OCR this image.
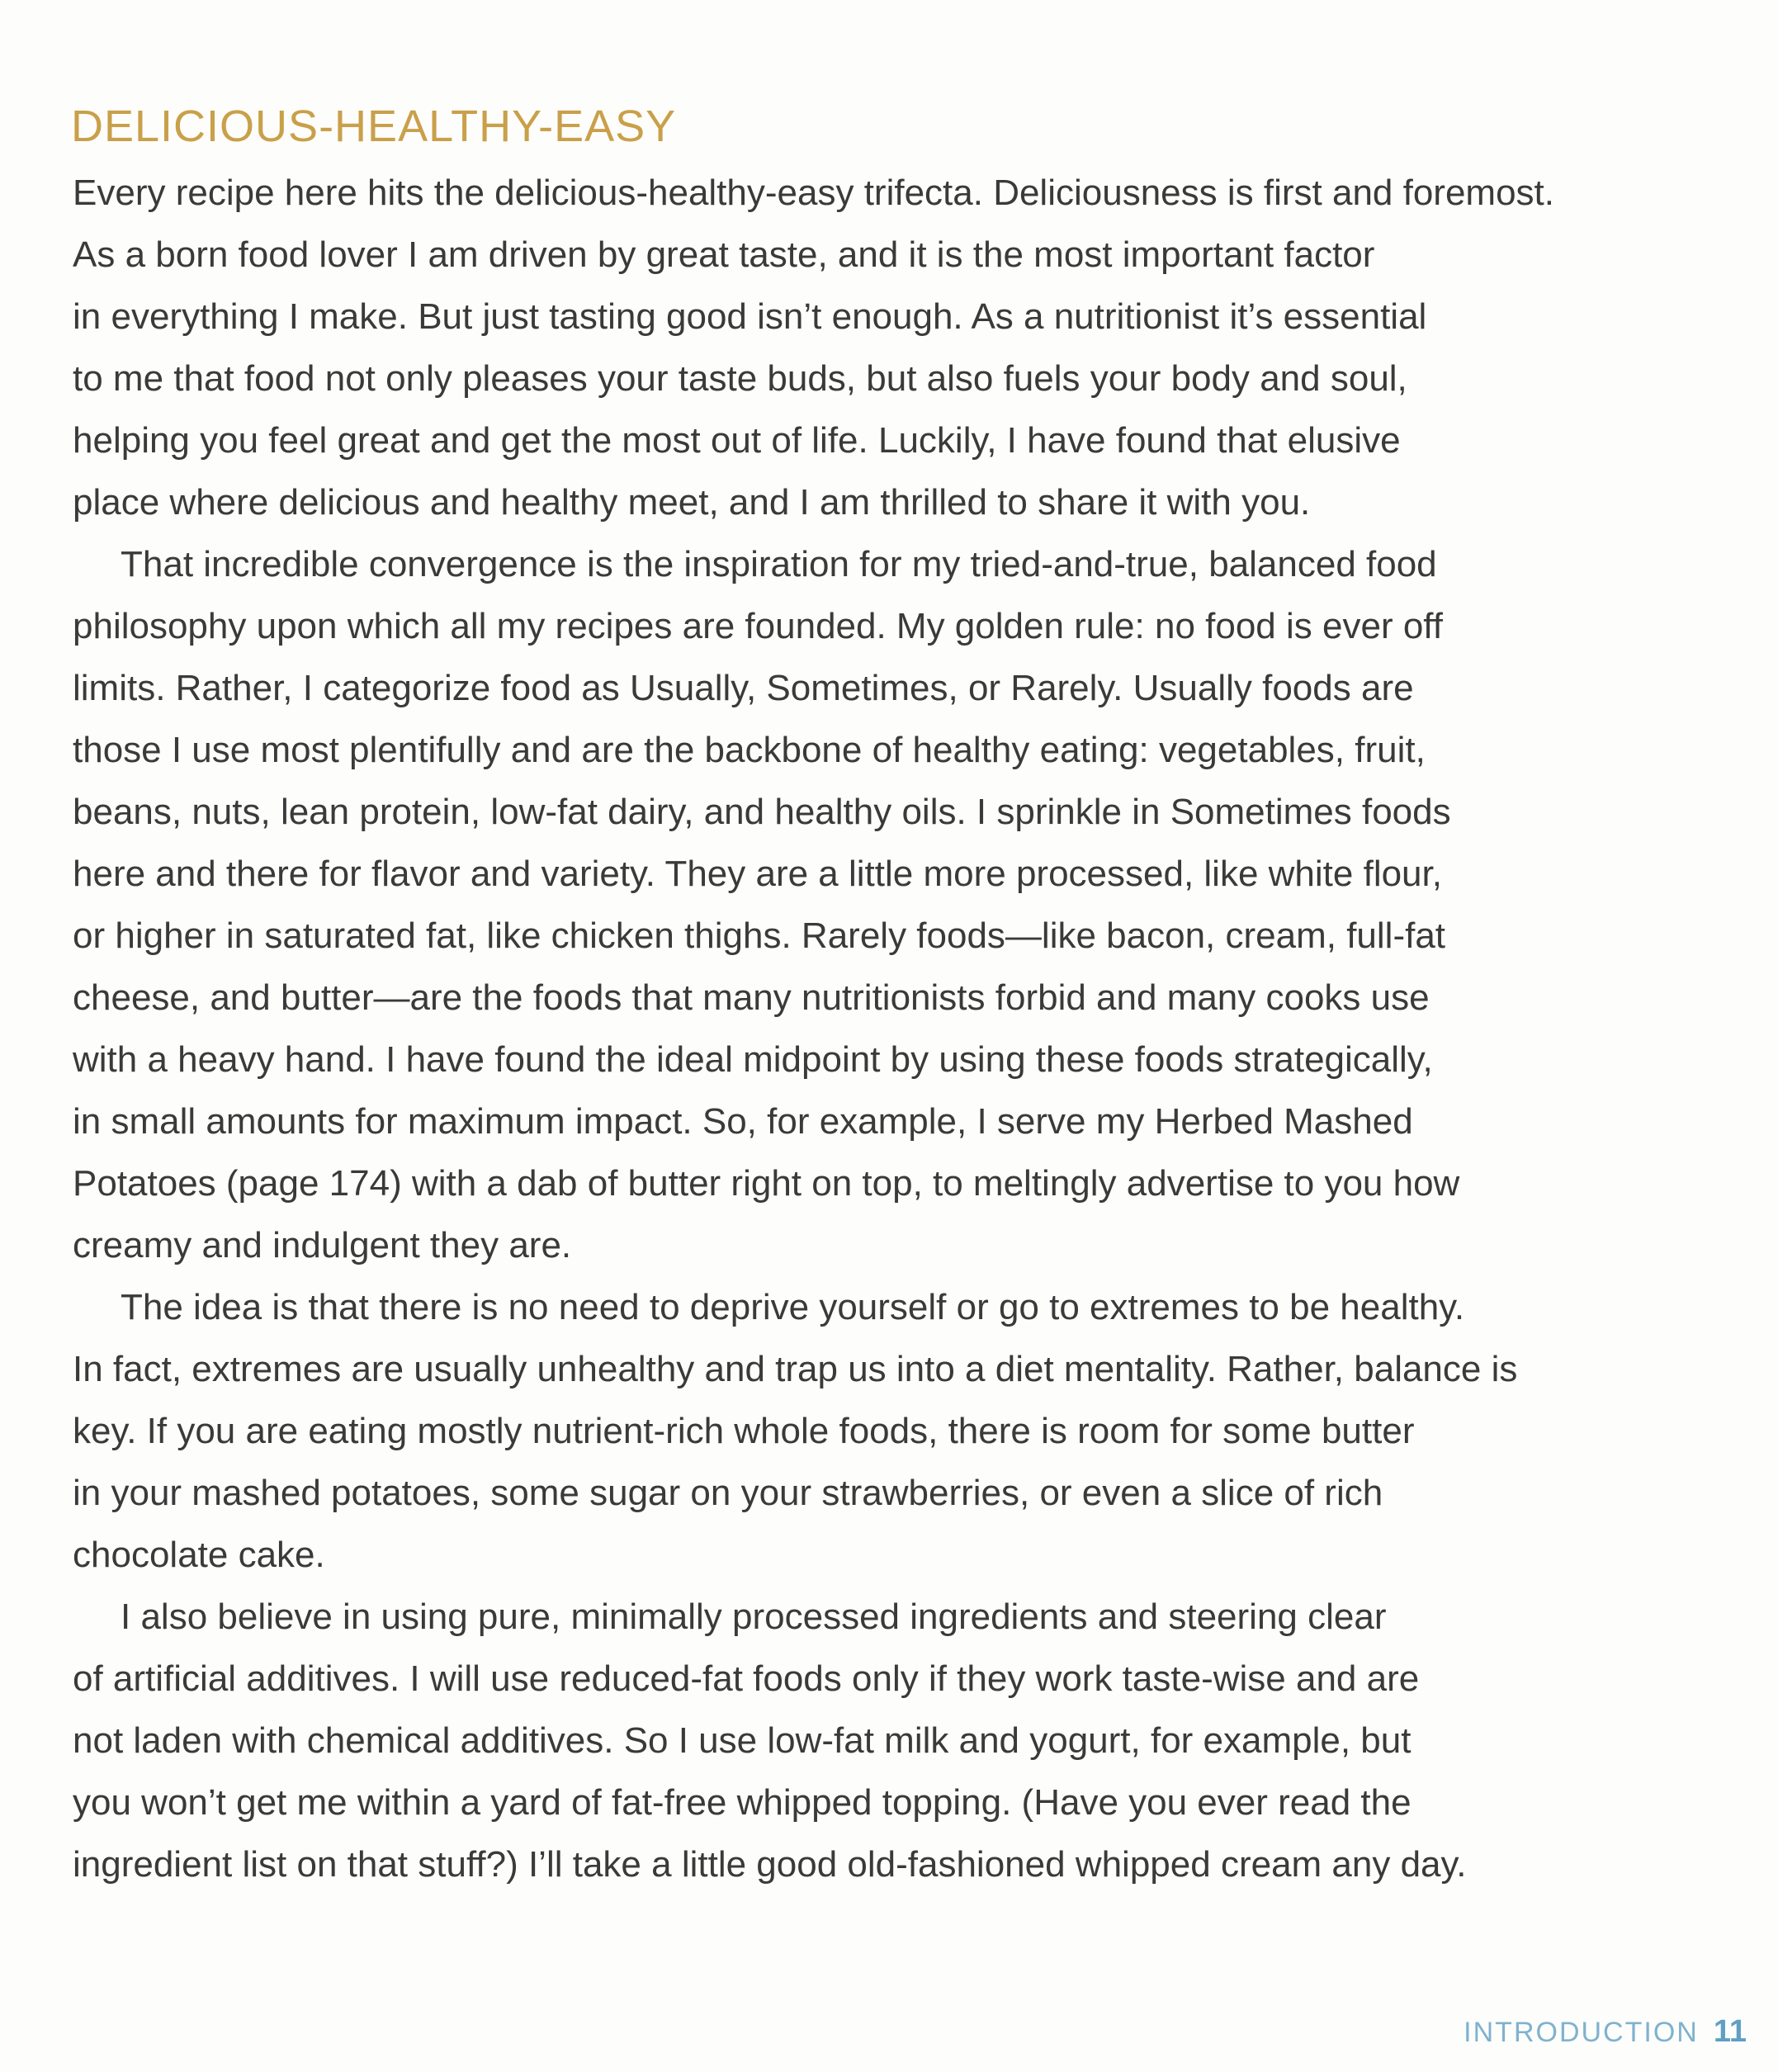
DELICIOUS-HEALTHY-EASY
Every recipe here hits the delicious-healthy-easy trifecta. Deliciousness is first and foremost.
As a born food lover I am driven by great taste, and it is the most important factor
in everything I make. But just tasting good isn’t enough. As a nutritionist it’s essential
to me that food not only pleases your taste buds, but also fuels your body and soul,
helping you feel great and get the most out of life. Luckily, I have found that elusive
place where delicious and healthy meet, and I am thrilled to share it with you.
That incredible convergence is the inspiration for my tried-and-true, balanced food
philosophy upon which all my recipes are founded. My golden rule: no food is ever off
limits. Rather, I categorize food as Usually, Sometimes, or Rarely. Usually foods are
those I use most plentifully and are the backbone of healthy eating: vegetables, fruit,
beans, nuts, lean protein, low-fat dairy, and healthy oils. I sprinkle in Sometimes foods
here and there for flavor and variety. They are a little more processed, like white flour,
or higher in saturated fat, like chicken thighs. Rarely foods—like bacon, cream, full-fat
cheese, and butter—are the foods that many nutritionists forbid and many cooks use
with a heavy hand. I have found the ideal midpoint by using these foods strategically,
in small amounts for maximum impact. So, for example, I serve my Herbed Mashed
Potatoes (page 174) with a dab of butter right on top, to meltingly advertise to you how
creamy and indulgent they are.
The idea is that there is no need to deprive yourself or go to extremes to be healthy.
In fact, extremes are usually unhealthy and trap us into a diet mentality. Rather, balance is
key. If you are eating mostly nutrient-rich whole foods, there is room for some butter
in your mashed potatoes, some sugar on your strawberries, or even a slice of rich
chocolate cake.
I also believe in using pure, minimally processed ingredients and steering clear
of artificial additives. I will use reduced-fat foods only if they work taste-wise and are
not laden with chemical additives. So I use low-fat milk and yogurt, for example, but
you won’t get me within a yard of fat-free whipped topping. (Have you ever read the
ingredient list on that stuff?) I’ll take a little good old-fashioned whipped cream any day.
INTRODUCTION 11
